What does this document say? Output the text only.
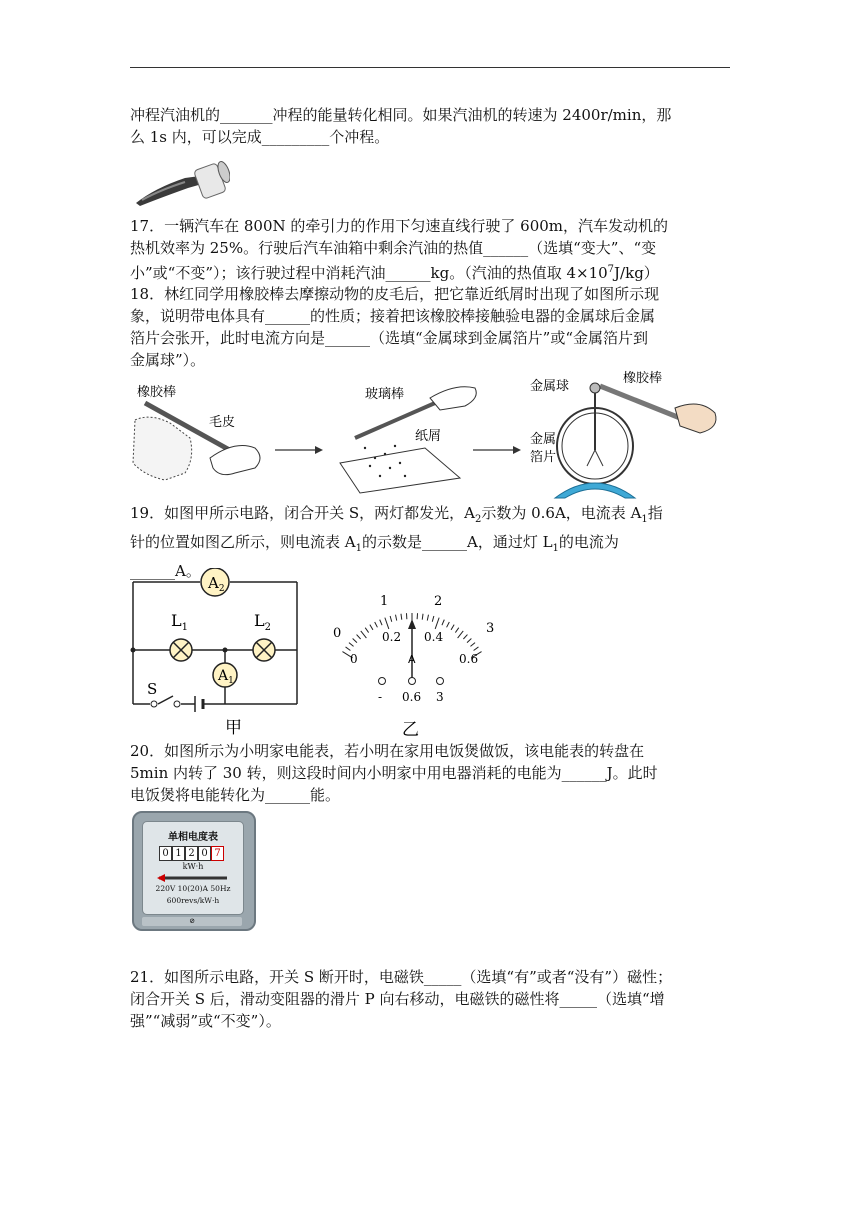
冲程汽油机的_______冲程的能量转化相同。如果汽油机的转速为 2400r/min，那
么 1s 内，可以完成_________个冲程。
17．一辆汽车在 800N 的牵引力的作用下匀速直线行驶了 600m，汽车发动机的
热机效率为 25%。行驶后汽车油箱中剩余汽油的热值______（选填“变大”、“变
小”或“不变”）；该行驶过程中消耗汽油______kg。（汽油的热值取 $4\times 10^7J/kg$）
18．林红同学用橡胶棒去摩擦动物的皮毛后，把它靠近纸屑时出现了如图所示现
象，说明带电体具有______的性质；接着把该橡胶棒接触验电器的金属球后金属
箔片会张开，此时电流方向是______（选填“金属球到金属箔片”或“金属箔片到
金属球”）。
橡胶棒
毛皮
玻璃棒
纸屑
金属球
橡胶棒
金属
箔片
19．如图甲所示电路，闭合开关 S，两灯都发光，$A_2$示数为 0.6A，电流表 $A_1$指
针的位置如图乙所示，则电流表 $A_1$的示数是______A，通过灯 $L_1$的电流为
______A。
$A_2$
$L_1$	$L_2$
$A_1$
S
甲
0
1	2
3
0
0.2 0.4
0.6
A
- 0.6 3
乙
20．如图所示为小明家电能表，若小明在家用电饭煲做饭，该电能表的转盘在
5min 内转了 30 转，则这段时间内小明家中用电器消耗的电能为______J。此时
电饭煲将电能转化为______能。
单相电度表
0 1 2 0 7
kW·h
220V 10(20)A 50Hz
600revs/kW·h
⊘
21．如图所示电路，开关 S 断开时，电磁铁_____（选填“有”或者“没有”）磁性；
闭合开关 S 后，滑动变阻器的滑片 P 向右移动，电磁铁的磁性将_____（选填“增
强”“减弱”或“不变”）。
